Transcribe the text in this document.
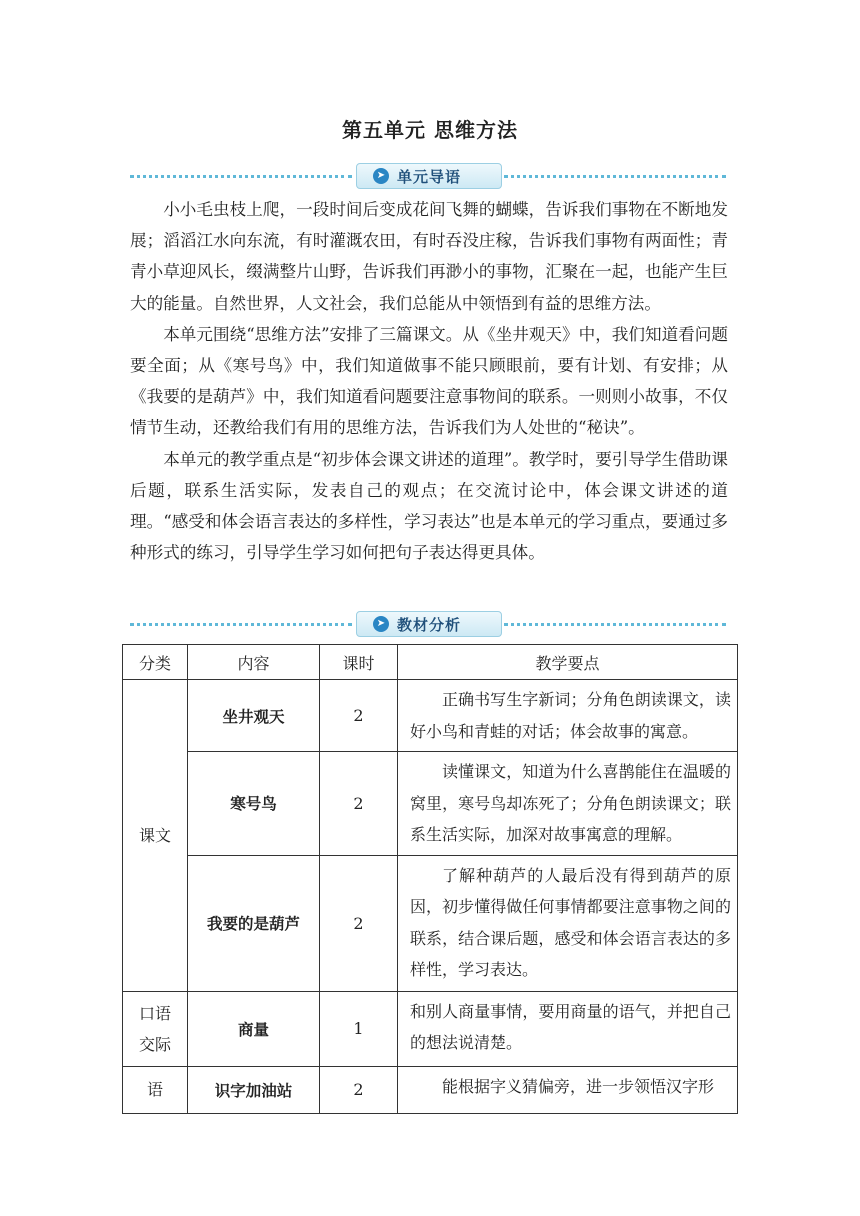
第五单元 思维方法
➤ 单元导语

小小毛虫枝上爬，一段时间后变成花间飞舞的蝴蝶，告诉我们事物在不断地发展；滔滔江水向东流，有时灌溉农田，有时吞没庄稼，告诉我们事物有两面性；青青小草迎风长，缀满整片山野，告诉我们再渺小的事物，汇聚在一起，也能产生巨大的能量。自然世界，人文社会，我们总能从中领悟到有益的思维方法。

本单元围绕“思维方法”安排了三篇课文。从《坐井观天》中，我们知道看问题要全面；从《寒号鸟》中，我们知道做事不能只顾眼前，要有计划、有安排；从《我要的是葫芦》中，我们知道看问题要注意事物间的联系。一则则小故事，不仅情节生动，还教给我们有用的思维方法，告诉我们为人处世的“秘诀”。

本单元的教学重点是“初步体会课文讲述的道理”。教学时，要引导学生借助课后题，联系生活实际，发表自己的观点；在交流讨论中，体会课文讲述的道理。“感受和体会语言表达的多样性，学习表达”也是本单元的学习重点，要通过多种形式的练习，引导学生学习如何把句子表达得更具体。

➤ 教材分析
分类	内容	课时	教学要点
课文	坐井观天	2	正确书写生字新词；分角色朗读课文，读好小鸟和青蛙的对话；体会故事的寓意。
	寒号鸟	2	读懂课文，知道为什么喜鹊能住在温暖的窝里，寒号鸟却冻死了；分角色朗读课文；联系生活实际，加深对故事寓意的理解。
	我要的是葫芦	2	了解种葫芦的人最后没有得到葫芦的原因，初步懂得做任何事情都要注意事物之间的联系，结合课后题，感受和体会语言表达的多样性，学习表达。

口语
交际	商量	1	和别人商量事情，要用商量的语气，并把自己的想法说清楚。
语	识字加油站	2	能根据字义猜偏旁，进一步领悟汉字形
